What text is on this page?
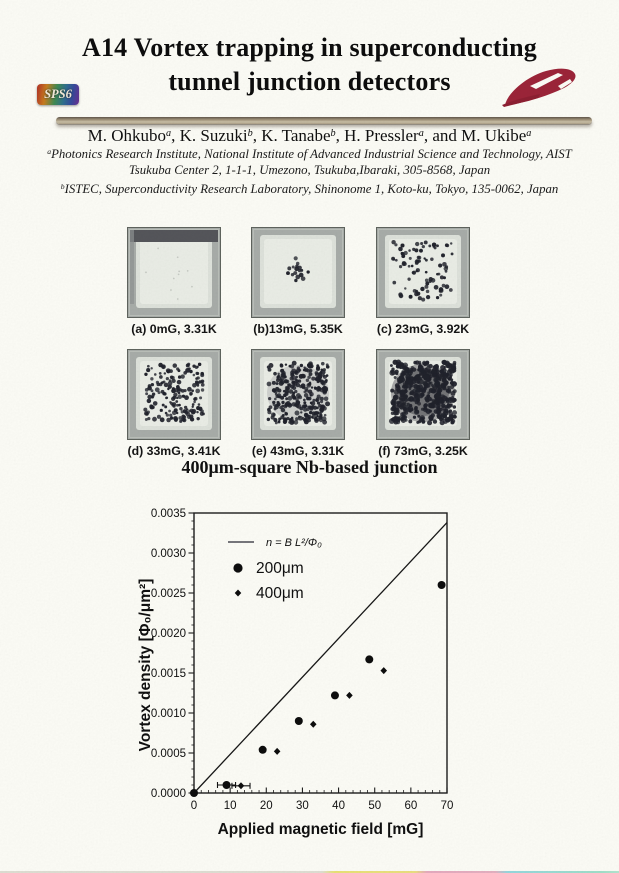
A14 Vortex trapping in superconducting
tunnel junction detectors
SPS6
M. Ohkubo$^a$, K. Suzuki$^b$, K. Tanabe$^b$, H. Pressler$^a$, and M. Ukibe$^a$
$^a$Photonics Research Institute, National Institute of Advanced Industrial Science and Technology, AIST
Tsukuba Center 2, 1-1-1, Umezono, Tsukuba,Ibaraki, 305-8568, Japan
$^b$ISTEC, Superconductivity Research Laboratory, Shinonome 1, Koto-ku, Tokyo, 135-0062, Japan
(a) 0mG, 3.31K	(b)13mG, 5.35K	(c) 23mG, 3.92K
(d) 33mG, 3.41K	(e) 43mG, 3.31K	(f) 73mG, 3.25K
400μm-square Nb-based junction
0 10 20 30 40 50 60 70
0.0000
0.0005
0.0010
0.0015
0.0020
0.0025
0.0030
0.0035
n = B L²/Φ₀
200μm
400μm
Applied magnetic field [mG]
Vortex density [Φ₀/μm²]
